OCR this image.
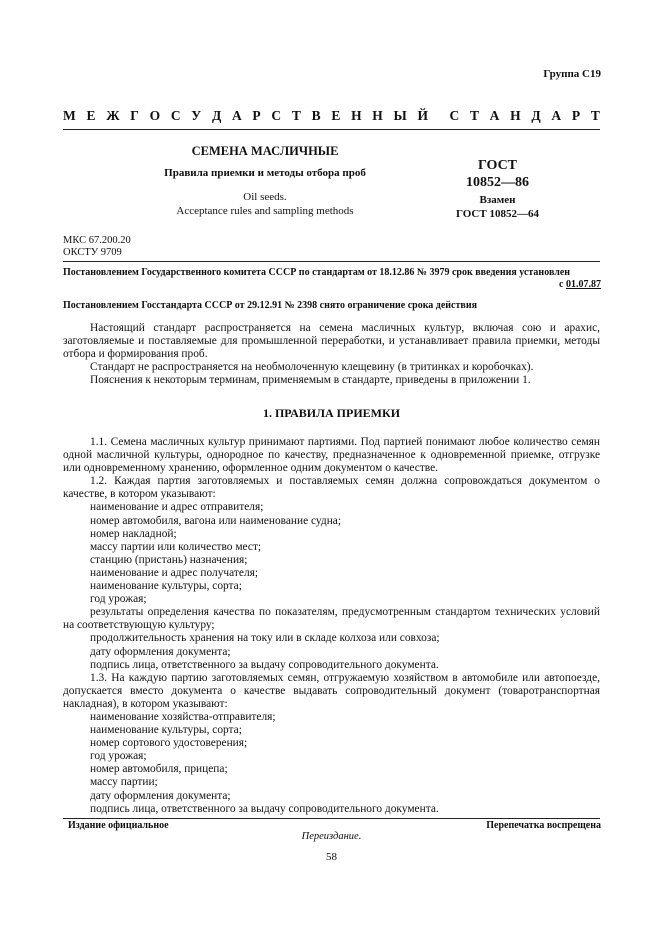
Группа С19
М Е Ж Г О С У Д А Р С Т В Е Н Н Ы Й С Т А Н Д А Р Т
СЕМЕНА МАСЛИЧНЫЕ
Правила приемки и методы отбора проб
Oil seeds.
Acceptance rules and sampling methods
ГОСТ
10852—86
Взамен
ГОСТ 10852—64
МКС 67.200.20
ОКСТУ 9709
Постановлением Государственного комитета СССР по стандартам от 18.12.86 № 3979 срок введения установлен
с 01.07.87
Постановлением Госстандарта СССР от 29.12.91 № 2398 снято ограничение срока действия

Настоящий стандарт распространяется на семена масличных культур, включая сою и арахис, заготовляемые и поставляемые для промышленной переработки, и устанавливает правила приемки, методы отбора и формирования проб.

Стандарт не распространяется на необмолоченную клещевину (в тритинках и коробочках).

Пояснения к некоторым терминам, применяемым в стандарте, приведены в приложении 1.

1. ПРАВИЛА ПРИЕМКИ

1.1. Семена масличных культур принимают партиями. Под партией понимают любое количество семян одной масличной культуры, однородное по качеству, предназначенное к одновременной приемке, отгрузке или одновременному хранению, оформленное одним документом о качестве.

1.2. Каждая партия заготовляемых и поставляемых семян должна сопровождаться документом о качестве, в котором указывают:

наименование и адрес отправителя;

номер автомобиля, вагона или наименование судна;

номер накладной;

массу партии или количество мест;

станцию (пристань) назначения;

наименование и адрес получателя;

наименование культуры, сорта;

год урожая;

результаты определения качества по показателям, предусмотренным стандартом технических условий на соответствующую культуру;

продолжительность хранения на току или в складе колхоза или совхоза;

дату оформления документа;

подпись лица, ответственного за выдачу сопроводительного документа.

1.3. На каждую партию заготовляемых семян, отгружаемую хозяйством в автомобиле или автопоезде, допускается вместо документа о качестве выдавать сопроводительный документ (товаротранспортная накладная), в котором указывают:

наименование хозяйства-отправителя;

наименование культуры, сорта;

номер сортового удостоверения;

год урожая;

номер автомобиля, прицепа;

массу партии;

дату оформления документа;

подпись лица, ответственного за выдачу сопроводительного документа.

Издание официальное	Перепечатка воспрещена
Переиздание.
58
